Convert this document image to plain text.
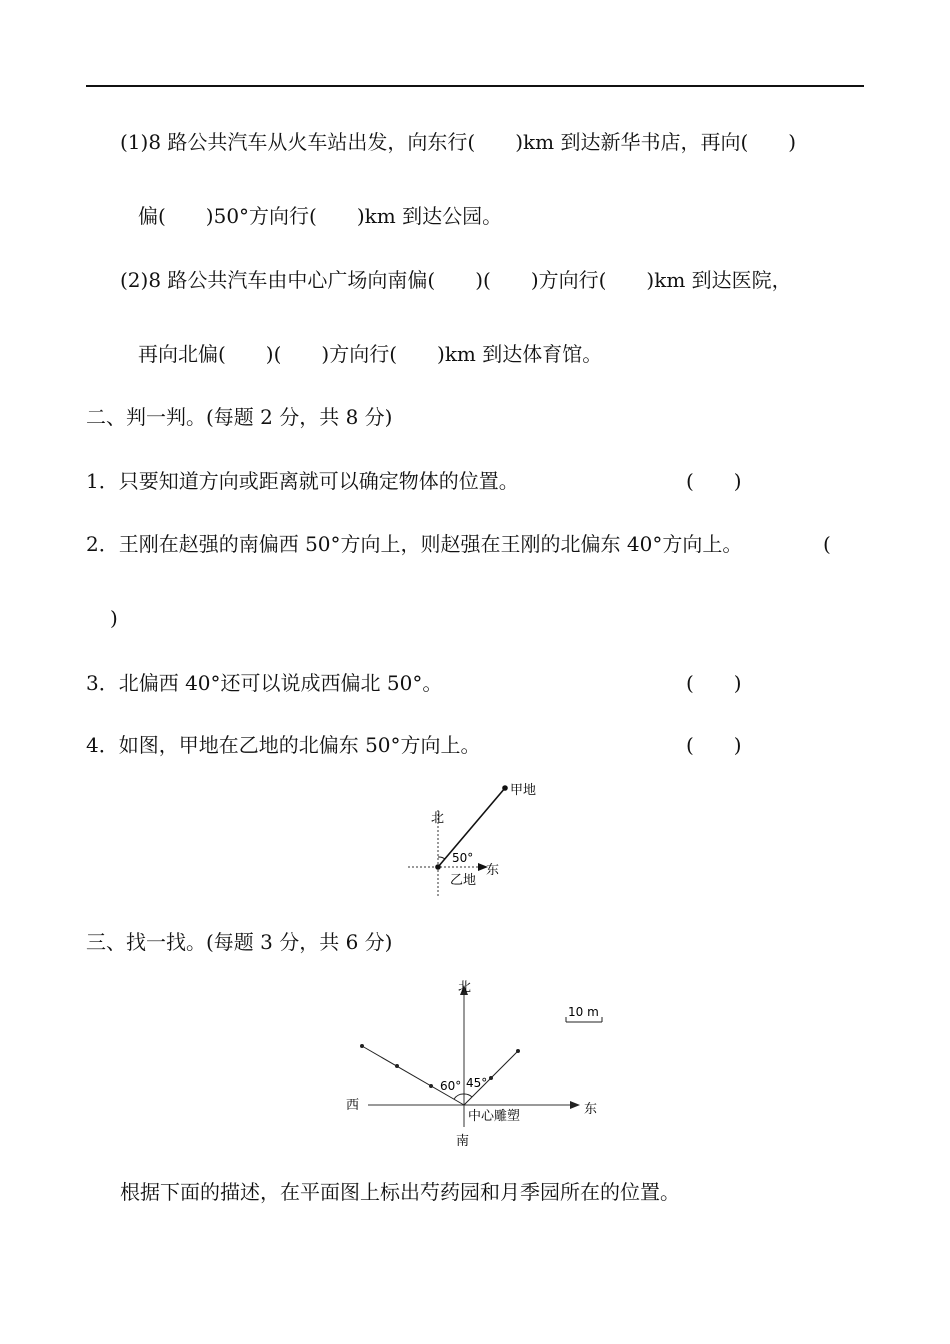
(1)8 路公共汽车从火车站出发，向东行(　　)km 到达新华书店，再向(　　)
偏(　　)50°方向行(　　)km 到达公园。
(2)8 路公共汽车由中心广场向南偏(　　)(　　)方向行(　　)km 到达医院，
再向北偏(　　)(　　)方向行(　　)km 到达体育馆。
二、判一判。(每题 2 分，共 8 分)
1．只要知道方向或距离就可以确定物体的位置。	(　　)
2．王刚在赵强的南偏西 50°方向上，则赵强在王刚的北偏东 40°方向上。	(
)
3．北偏西 40°还可以说成西偏北 50°。	(　　)
4．如图，甲地在乙地的北偏东 50°方向上。	(　　)
北
甲地
50°
东
乙地
三、找一找。(每题 3 分，共 6 分)
北
10 m
60° 45°
西	东
中心雕塑
南
根据下面的描述，在平面图上标出芍药园和月季园所在的位置。
